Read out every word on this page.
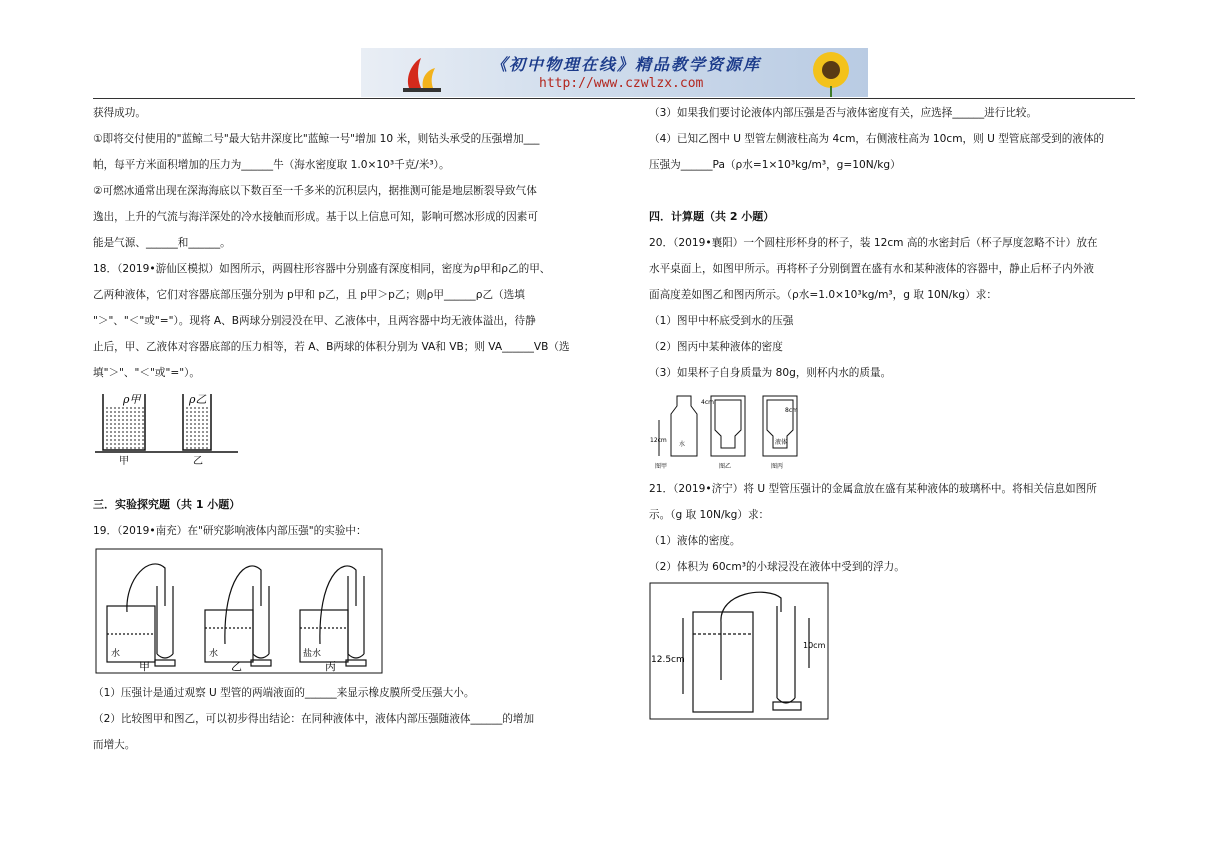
《初中物理在线》精品教学资源库
http://www.czwlzx.com

获得成功。

①即将交付使用的"蓝鲸二号"最大钻井深度比"蓝鲸一号"增加 10 米，则钻头承受的压强增加___

帕，每平方米面积增加的压力为______牛（海水密度取 1.0×10³千克/米³）。

②可燃冰通常出现在深海海底以下数百至一千多米的沉积层内，据推测可能是地层断裂导致气体

逸出，上升的气流与海洋深处的冷水接触而形成。基于以上信息可知，影响可燃冰形成的因素可

能是气源、______和______。

18．（2019•游仙区模拟）如图所示，两圆柱形容器中分别盛有深度相同，密度为ρ甲和ρ乙的甲、

乙两种液体，它们对容器底部压强分别为 p甲和 p乙，且 p甲＞p乙；则ρ甲______ρ乙（选填

"＞"、"＜"或"="）。现将 A、B两球分别浸没在甲、乙液体中，且两容器中均无液体溢出，待静

止后，甲、乙液体对容器底部的压力相等，若 A、B两球的体积分别为 VA和 VB；则 VA______VB（选

填"＞"、"＜"或"="）。

ρ甲	ρ乙
甲	乙
三．实验探究题（共 1 小题）

19．（2019•南充）在"研究影响液体内部压强"的实验中：

水	水	盐水
甲	乙	丙

（1）压强计是通过观察 U 型管的两端液面的______来显示橡皮膜所受压强大小。

（2）比较图甲和图乙，可以初步得出结论：在同种液体中，液体内部压强随液体______的增加

而增大。

（3）如果我们要讨论液体内部压强是否与液体密度有关，应选择______进行比较。

（4）已知乙图中 U 型管左侧液柱高为 4cm，右侧液柱高为 10cm，则 U 型管底部受到的液体的

压强为______Pa（ρ水=1×10³kg/m³，g=10N/kg）

四．计算题（共 2 小题）

20．（2019•襄阳）一个圆柱形杯身的杯子，装 12cm 高的水密封后（杯子厚度忽略不计）放在

水平桌面上，如图甲所示。再将杯子分别倒置在盛有水和某种液体的容器中，静止后杯子内外液

面高度差如图乙和图丙所示。（ρ水=1.0×10³kg/m³，g 取 10N/kg）求：

（1）图甲中杯底受到水的压强

（2）图丙中某种液体的密度

（3）如果杯子自身质量为 80g，则杯内水的质量。

12cm
4cm
8cm
水	液体
图甲	图乙	图丙

21．（2019•济宁）将 U 型管压强计的金属盒放在盛有某种液体的玻璃杯中。将相关信息如图所

示。（g 取 10N/kg）求：

（1）液体的密度。

（2）体积为 60cm³的小球浸没在液体中受到的浮力。

12.5cm
10cm
